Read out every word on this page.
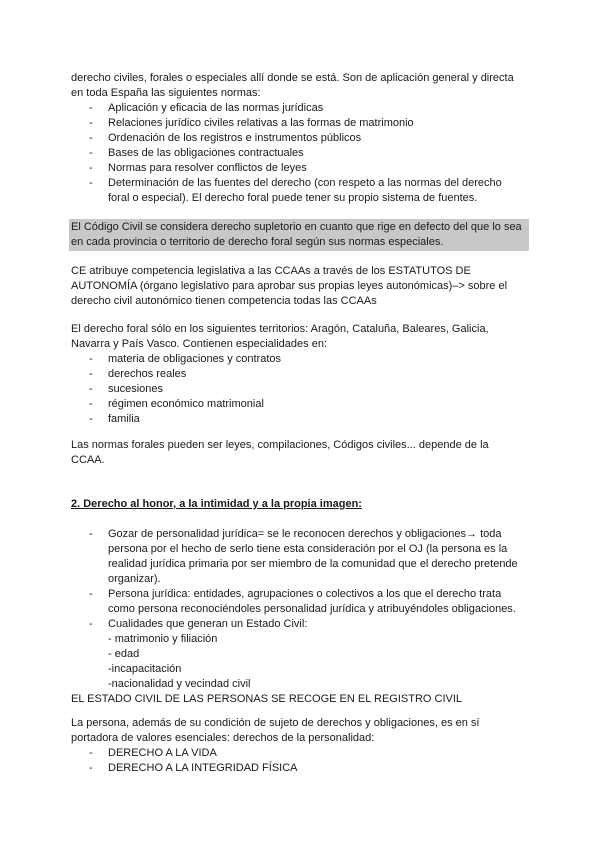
derecho civiles, forales o especiales allí donde se está. Son de aplicación general y directa

en toda España las siguientes normas:

- Aplicación y eficacia de las normas jurídicas
- Relaciones jurídico civiles relativas a las formas de matrimonio
- Ordenación de los registros e instrumentos públicos
- Bases de las obligaciones contractuales
- Normas para resolver conflictos de leyes
- Determinación de las fuentes del derecho (con respeto a las normas del derecho
foral o especial). El derecho foral puede tener su propio sistema de fuentes.

El Código Civil se considera derecho supletorio en cuanto que rige en defecto del que lo sea

en cada provincia o territorio de derecho foral según sus normas especiales.

CE atribuye competencia legislativa a las CCAAs a través de los ESTATUTOS DE

AUTONOMÍA (órgano legislativo para aprobar sus propias leyes autonómicas)–> sobre el

derecho civil autonómico tienen competencia todas las CCAAs

El derecho foral sólo en los siguientes territorios: Aragón, Cataluña, Baleares, Galicia,

Navarra y País Vasco. Contienen especialidades en:

- materia de obligaciones y contratos
- derechos reales
- sucesiones
- régimen económico matrimonial
- familia

Las normas forales pueden ser leyes, compilaciones, Códigos civiles... depende de la

CCAA.

2. Derecho al honor, a la intimidad y a la propia imagen:

- Gozar de personalidad jurídica= se le reconocen derechos y obligaciones→ toda
persona por el hecho de serlo tiene esta consideración por el OJ (la persona es la
realidad jurídica primaria por ser miembro de la comunidad que el derecho pretende
organizar).
- Persona jurídica: entidades, agrupaciones o colectivos a los que el derecho trata
como persona reconociéndoles personalidad jurídica y atribuyéndoles obligaciones.
- Cualidades que generan un Estado Civil:
- matrimonio y filiación
- edad
-incapacitación
-nacionalidad y vecindad civil

EL ESTADO CIVIL DE LAS PERSONAS SE RECOGE EN EL REGISTRO CIVIL

La persona, además de su condición de sujeto de derechos y obligaciones, es en sí

portadora de valores esenciales: derechos de la personalidad:

- DERECHO A LA VIDA
- DERECHO A LA INTEGRIDAD FÍSICA
